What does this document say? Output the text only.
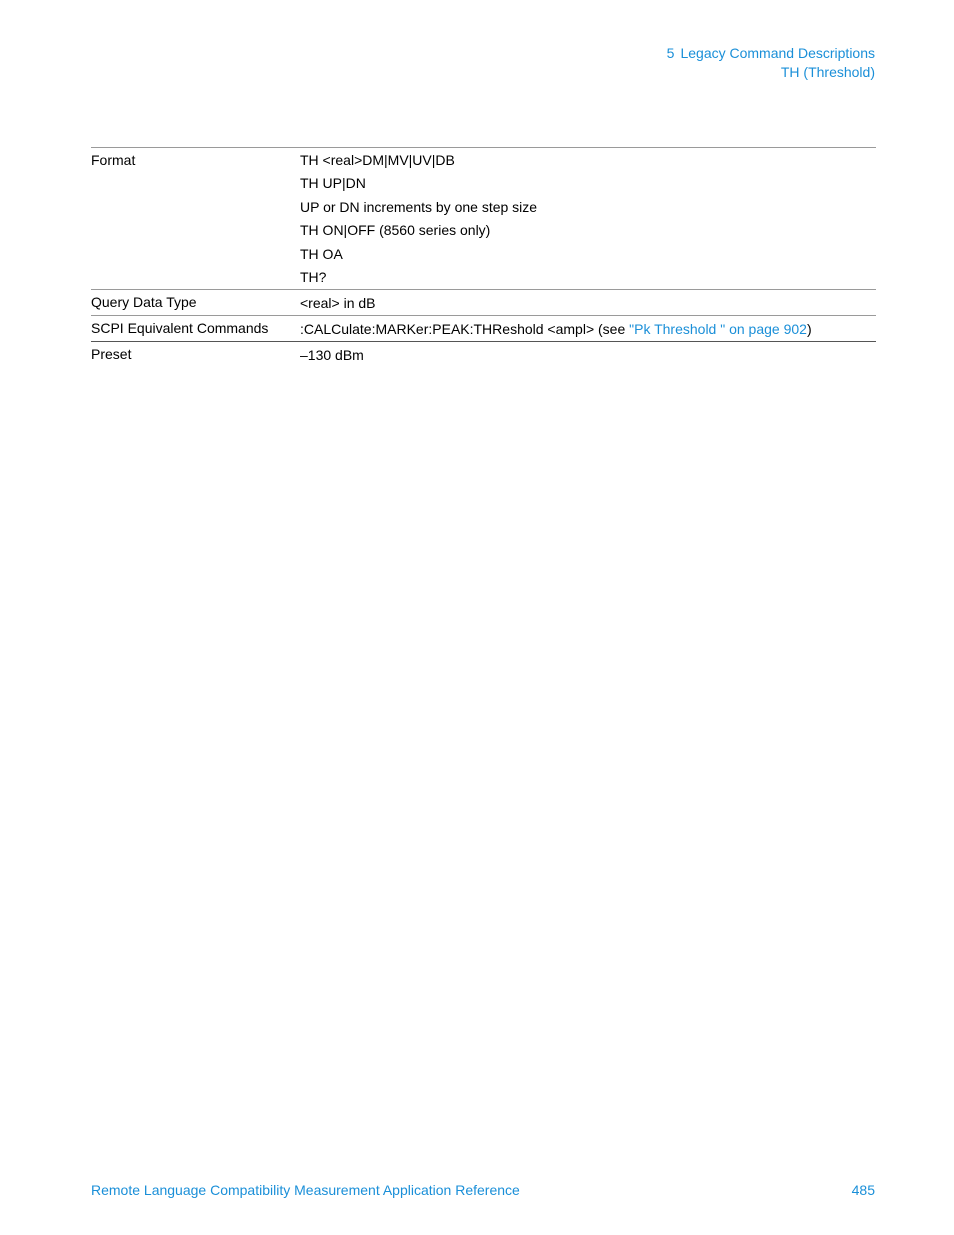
5 Legacy Command Descriptions
TH (Threshold)
Format	TH <real>DM|MV|UV|DB
TH UP|DN
UP or DN increments by one step size
TH ON|OFF (8560 series only)
TH OA
TH?
Query Data Type	<real> in dB
SCPI Equivalent Commands	:CALCulate:MARKer:PEAK:THReshold <ampl> (see "Pk Threshold " on page 902)
Preset	–130 dBm
Remote Language Compatibility Measurement Application Reference	485
